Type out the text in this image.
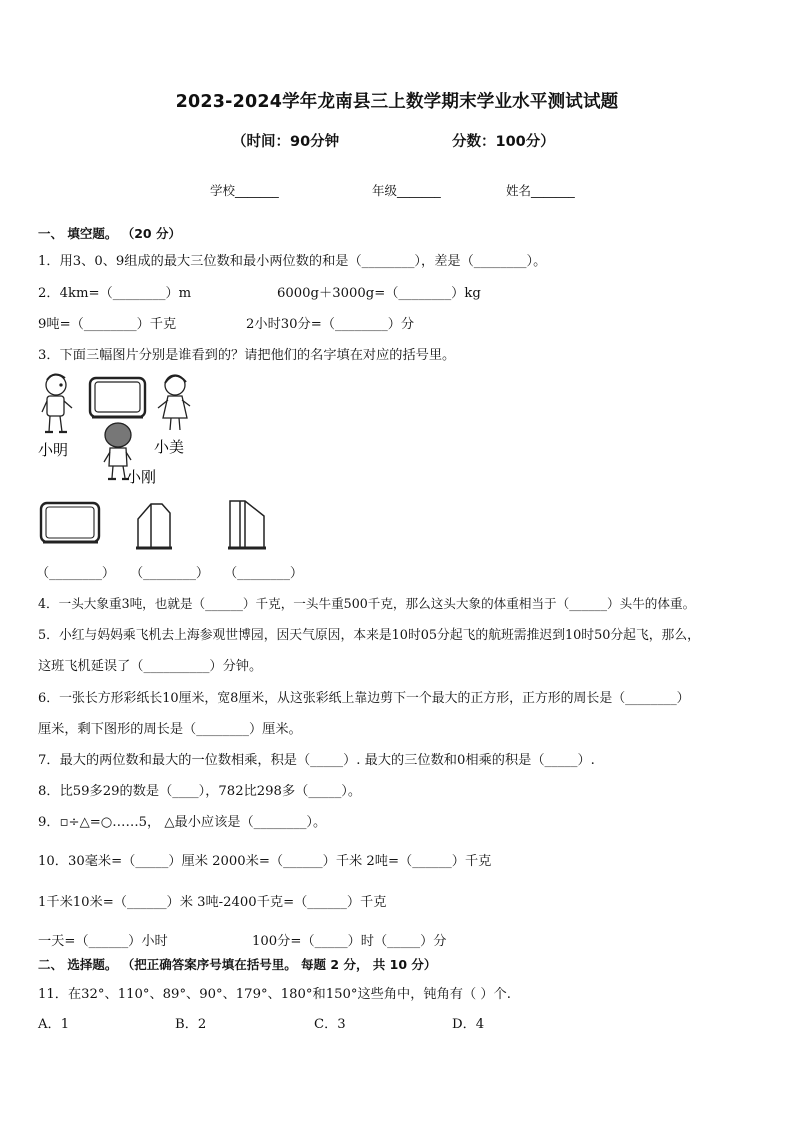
2023-2024学年龙南县三上数学期末学业水平测试试题
（时间：90分钟	分数：100分）
学校_______	年级_______	姓名_______
一、 填空题。 （20 分）
1．用3、0、9组成的最大三位数和最小两位数的和是（________），差是（________）。
2．4km=（________）m	6000g＋3000g=（________）kg
9吨=（________）千克	2小时30分=（________）分
3．下面三幅图片分别是谁看到的？请把他们的名字填在对应的括号里。
小明	小美
小刚
（________） （________） （________）
4．一头大象重3吨，也就是（______）千克，一头牛重500千克，那么这头大象的体重相当于（______）头牛的体重。
5．小红与妈妈乘飞机去上海参观世博园，因天气原因，本来是10时05分起飞的航班需推迟到10时50分起飞，那么，
这班飞机延误了（__________）分钟。
6．一张长方形彩纸长10厘米，宽8厘米，从这张彩纸上靠边剪下一个最大的正方形，正方形的周长是（________）
厘米，剩下图形的周长是（________）厘米。
7．最大的两位数和最大的一位数相乘，积是（_____）. 最大的三位数和0相乘的积是（_____）.
8．比59多29的数是（____），782比298多（_____）。
9．▫÷△=○……5， △最小应该是（________）。
10．30毫米=（_____）厘米 2000米=（______）千米 2吨=（______）千克
1千米10米=（______）米 3吨-2400千克=（______）千克
一天=（______）小时	100分=（_____）时（_____）分
二、 选择题。 （把正确答案序号填在括号里。 每题 2 分， 共 10 分）
11．在32°、110°、89°、90°、179°、180°和150°这些角中，钝角有（ ）个.
A．1	B．2	C．3	D．4
